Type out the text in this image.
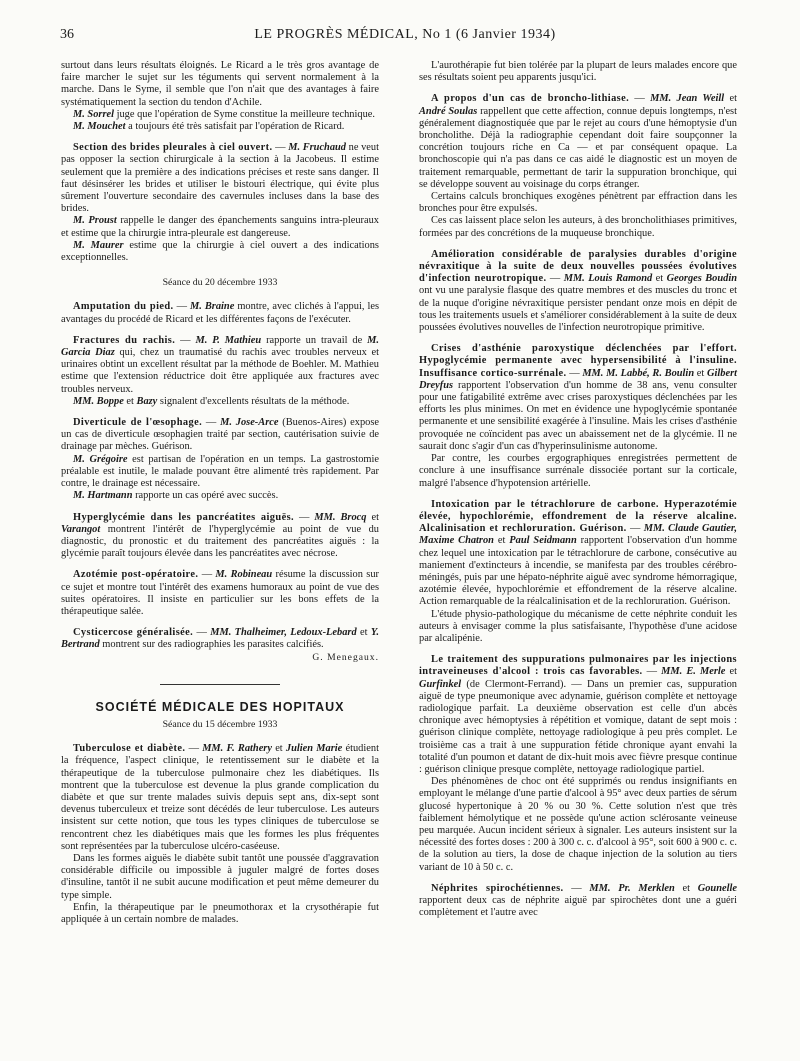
36	LE PROGRÈS MÉDICAL, No 1 (6 Janvier 1934)

surtout dans leurs résultats éloignés. Le Ricard a le très gros avantage de faire marcher le sujet sur les téguments qui servent normalement à la marche. Dans le Syme, il semble que l'on n'ait que des avantages à faire systématiquement la section du tendon d'Achile.

M. Sorrel juge que l'opération de Syme constitue la meilleure technique.

M. Mouchet a toujours été très satisfait par l'opération de Ricard.

Section des brides pleurales à ciel ouvert. — M. Fruchaud ne veut pas opposer la section chirurgicale à la section à la Jacobeus. Il estime seulement que la première a des indications précises et reste sans danger. Il faut désinsérer les brides et utiliser le bistouri électrique, qui évite plus sûrement l'ouverture secondaire des cavernules incluses dans la base des brides.

M. Proust rappelle le danger des épanchements sanguins intra-pleuraux et estime que la chirurgie intra-pleurale est dangereuse.

M. Maurer estime que la chirurgie à ciel ouvert a des indications exceptionnelles.

Séance du 20 décembre 1933

Amputation du pied. — M. Braine montre, avec clichés à l'appui, les avantages du procédé de Ricard et les différentes façons de l'exécuter.

Fractures du rachis. — M. P. Mathieu rapporte un travail de M. Garcia Diaz qui, chez un traumatisé du rachis avec troubles nerveux et urinaires obtint un excellent résultat par la méthode de Boehler. M. Mathieu estime que l'extension réductrice doit être appliquée aux fractures avec troubles nerveux.

MM. Boppe et Bazy signalent d'excellents résultats de la méthode.

Diverticule de l'œsophage. — M. Jose-Arce (Buenos-Aires) expose un cas de diverticule œsophagien traité par section, cautérisation suivie de drainage par mèches. Guérison.

M. Grégoire est partisan de l'opération en un temps. La gastrostomie préalable est inutile, le malade pouvant être alimenté très rapidement. Par contre, le drainage est nécessaire.

M. Hartmann rapporte un cas opéré avec succès.

Hyperglycémie dans les pancréatites aiguës. — MM. Brocq et Varangot montrent l'intérêt de l'hyperglycémie au point de vue du diagnostic, du pronostic et du traitement des pancréatites aiguës : la glycémie paraît toujours élevée dans les pancréatites avec nécrose.

Azotémie post-opératoire. — M. Robineau résume la discussion sur ce sujet et montre tout l'intérêt des examens humoraux au point de vue des suites opératoires. Il insiste en particulier sur les bons effets de la thérapeutique salée.

Cysticercose généralisée. — MM. Thalheimer, Ledoux-Lebard et Y. Bertrand montrent sur des radiographies les parasites calcifiés.

G. Menegaux.

SOCIÉTÉ MÉDICALE DES HOPITAUX

Séance du 15 décembre 1933

Tuberculose et diabète. — MM. F. Rathery et Julien Marie étudient la fréquence, l'aspect clinique, le retentissement sur le diabète et la thérapeutique de la tuberculose pulmonaire chez les diabétiques. Ils montrent que la tuberculose est devenue la plus grande complication du diabète et que sur trente malades suivis depuis sept ans, dix-sept sont devenus tuberculeux et treize sont décédés de leur tuberculose. Les auteurs insistent sur cette notion, que tous les types cliniques de tuberculose se rencontrent chez les diabétiques mais que les formes les plus fréquentes sont représentées par la tuberculose ulcéro-caséeuse.

Dans les formes aiguës le diabète subit tantôt une poussée d'aggravation considérable difficile ou impossible à juguler malgré de fortes doses d'insuline, tantôt il ne subit aucune modification et peut même demeurer du type simple.

Enfin, la thérapeutique par le pneumothorax et la crysothérapie fut appliquée à un certain nombre de malades.

L'aurothérapie fut bien tolérée par la plupart de leurs malades encore que ses résultats soient peu apparents jusqu'ici.

A propos d'un cas de broncho-lithiase. — MM. Jean Weill et André Soulas rappellent que cette affection, connue depuis longtemps, n'est généralement diagnostiquée que par le rejet au cours d'une hémoptysie d'un broncholithe. Déjà la radiographie cependant doit faire soupçonner la concrétion toujours riche en Ca — et par conséquent opaque. La bronchoscopie qui n'a pas dans ce cas aidé le diagnostic est un moyen de traitement remarquable, permettant de tarir la suppuration bronchique, qui se développe souvent au voisinage du corps étranger.

Certains calculs bronchiques exogènes pénètrent par effraction dans les bronches pour être expulsés.

Ces cas laissent place selon les auteurs, à des broncholithiases primitives, formées par des concrétions de la muqueuse bronchique.

Amélioration considérable de paralysies durables d'origine névraxitique à la suite de deux nouvelles poussées évolutives d'infection neurotropique. — MM. Louis Ramond et Georges Boudin ont vu une paralysie flasque des quatre membres et des muscles du tronc et de la nuque d'origine névraxitique persister pendant onze mois en dépit de tous les traitements usuels et s'améliorer considérablement à la suite de deux poussées évolutives nouvelles de l'infection neurotropique primitive.

Crises d'asthénie paroxystique déclenchées par l'effort. Hypoglycémie permanente avec hypersensibilité à l'insuline. Insuffisance cortico-surrénale. — MM. M. Labbé, R. Boulin et Gilbert Dreyfus rapportent l'observation d'un homme de 38 ans, venu consulter pour une fatigabilité extrême avec crises paroxystiques déclenchées par les efforts les plus minimes. On met en évidence une hypoglycémie spontanée permanente et une sensibilité exagérée à l'insuline. Mais les crises d'asthénie provoquée ne coïncident pas avec un abaissement net de la glycémie. Il ne saurait donc s'agir d'un cas d'hyperinsulinisme autonome.

Par contre, les courbes ergographiques enregistrées permettent de conclure à une insuffisance surrénale dissociée portant sur la corticale, malgré l'absence d'hypotension artérielle.

Intoxication par le tétrachlorure de carbone. Hyperazotémie élevée, hypochlorémie, effondrement de la réserve alcaline. Alcalinisation et rechloruration. Guérison. — MM. Claude Gautier, Maxime Chatron et Paul Seidmann rapportent l'observation d'un homme chez lequel une intoxication par le tétrachlorure de carbone, consécutive au maniement d'extincteurs à incendie, se manifesta par des troubles cérébro-méningés, puis par une hépato-néphrite aiguë avec syndrome hémorragique, azotémie élevée, hypochlorémie et effondrement de la réserve alcaline. Action remarquable de la réalcalinisation et de la rechloruration. Guérison.

L'étude physio-pathologique du mécanisme de cette néphrite conduit les auteurs à envisager comme la plus satisfaisante, l'hypothèse d'une acidose par alcalipénie.

Le traitement des suppurations pulmonaires par les injections intraveineuses d'alcool : trois cas favorables. — MM. E. Merle et Gurfinkel (de Clermont-Ferrand). — Dans un premier cas, suppuration aiguë de type pneumonique avec adynamie, guérison complète et nettoyage radiologique parfait. La deuxième observation est celle d'un abcès chronique avec hémoptysies à répétition et vomique, datant de sept mois : guérison clinique complète, nettoyage radiologique à peu près complet. Le troisième cas a trait à une suppuration fétide chronique ayant envahi la totalité d'un poumon et datant de dix-huit mois avec fièvre presque continue : guérison clinique presque complète, nettoyage radiologique partiel.

Des phénomènes de choc ont été supprimés ou rendus insignifiants en employant le mélange d'une partie d'alcool à 95° avec deux parties de sérum glucosé hypertonique à 20 % ou 30 %. Cette solution n'est que très faiblement hémolytique et ne possède qu'une action sclérosante veineuse peu marquée. Aucun incident sérieux à signaler. Les auteurs insistent sur la nécessité des fortes doses : 200 à 300 c. c. d'alcool à 95°, soit 600 à 900 c. c. de la solution au tiers, la dose de chaque injection de la solution au tiers variant de 10 à 50 c. c.

Néphrites spirochétiennes. — MM. Pr. Merklen et Gounelle rapportent deux cas de néphrite aiguë par spirochètes dont une a guéri complètement et l'autre avec
